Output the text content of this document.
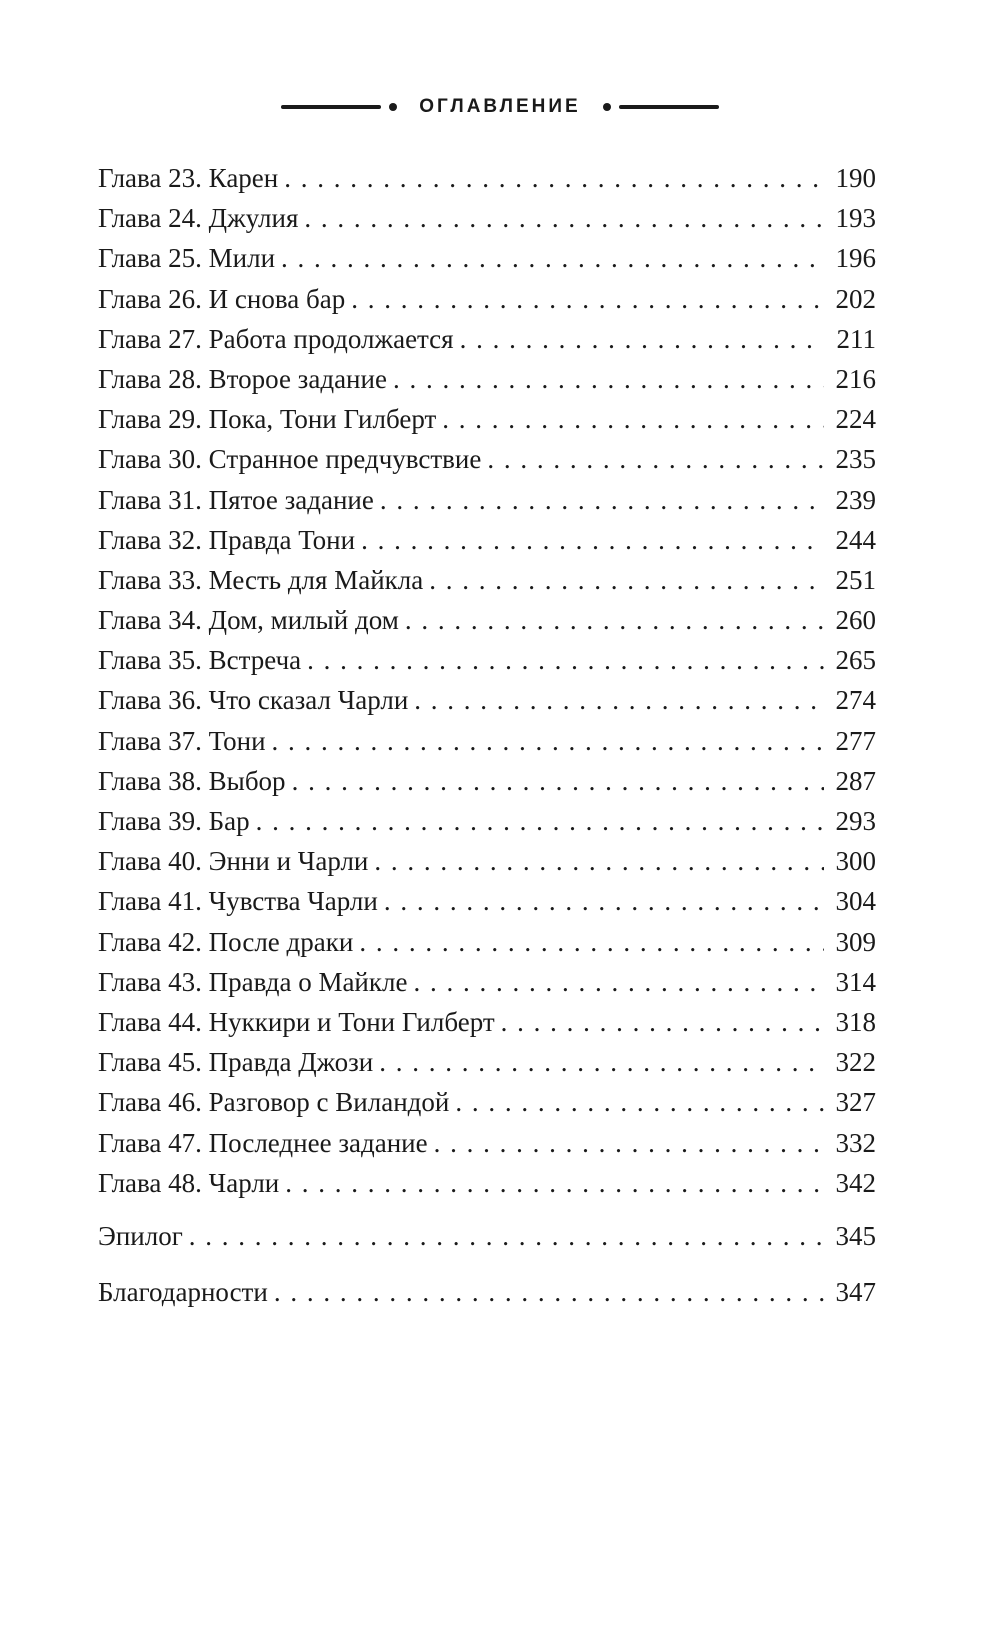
ОГЛАВЛЕНИЕ
Глава 23. Карен . . .	190
Глава 24. Джулия . . .	193
Глава 25. Мили . . .	196
Глава 26. И снова бар . . .	202
Глава 27. Работа продолжается . . .	211
Глава 28. Второе задание . . .	216
Глава 29. Пока, Тони Гилберт . . .	224
Глава 30. Странное предчувствие . . .	235
Глава 31. Пятое задание . . .	239
Глава 32. Правда Тони . . .	244
Глава 33. Месть для Майкла . . .	251
Глава 34. Дом, милый дом . . .	260
Глава 35. Встреча . . .	265
Глава 36. Что сказал Чарли . . .	274
Глава 37. Тони . . .	277
Глава 38. Выбор . . .	287
Глава 39. Бар . . .	293
Глава 40. Энни и Чарли . . .	300
Глава 41. Чувства Чарли . . .	304
Глава 42. После драки . . .	309
Глава 43. Правда о Майкле . . .	314
Глава 44. Нуккири и Тони Гилберт . . .	318
Глава 45. Правда Джози . . .	322
Глава 46. Разговор с Виландой . . .	327
Глава 47. Последнее задание . . .	332
Глава 48. Чарли . . .	342
Эпилог . . .	345
Благодарности . . .	347
